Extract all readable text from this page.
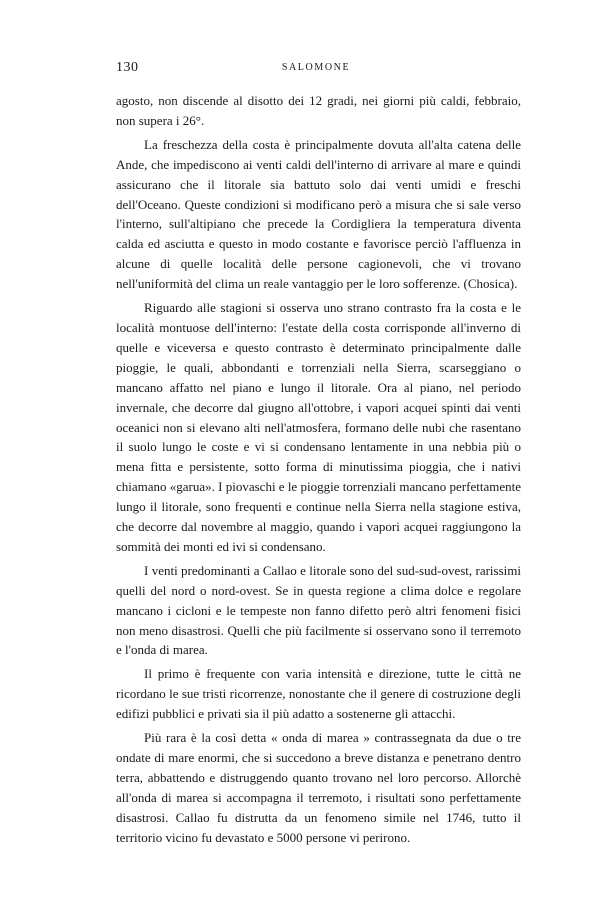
130	SALOMONE

agosto, non discende al disotto dei 12 gradi, nei giorni più caldi, febbraio, non supera i 26°.

La freschezza della costa è principalmente dovuta all'alta catena delle Ande, che impediscono ai venti caldi dell'interno di arrivare al mare e quindi assicurano che il litorale sia battuto solo dai venti umidi e freschi dell'Oceano. Queste condizioni si modificano però a misura che si sale verso l'interno, sull'altipiano che precede la Cordigliera la temperatura diventa calda ed asciutta e questo in modo costante e favorisce perciò l'affluenza in alcune di quelle località delle persone cagionevoli, che vi trovano nell'uniformità del clima un reale vantaggio per le loro sofferenze. (Chosica).

Riguardo alle stagioni si osserva uno strano contrasto fra la costa e le località montuose dell'interno: l'estate della costa corrisponde all'inverno di quelle e viceversa e questo contrasto è determinato principalmente dalle pioggie, le quali, abbondanti e torrenziali nella Sierra, scarseggiano o mancano affatto nel piano e lungo il litorale. Ora al piano, nel periodo invernale, che decorre dal giugno all'ottobre, i vapori acquei spinti dai venti oceanici non si elevano alti nell'atmosfera, formano delle nubi che rasentano il suolo lungo le coste e vi si condensano lentamente in una nebbia più o mena fitta e persistente, sotto forma di minutissima pioggia, che i nativi chiamano «garua». I piovaschi e le pioggie torrenziali mancano perfettamente lungo il litorale, sono frequenti e continue nella Sierra nella stagione estiva, che decorre dal novembre al maggio, quando i vapori acquei raggiungono la sommità dei monti ed ivi si condensano.

I venti predominanti a Callao e litorale sono del sud-sud-ovest, rarissimi quelli del nord o nord-ovest. Se in questa regione a clima dolce e regolare mancano i cicloni e le tempeste non fanno difetto però altri fenomeni fisici non meno disastrosi. Quelli che più facilmente si osservano sono il terremoto e l'onda di marea.

Il primo è frequente con varia intensità e direzione, tutte le città ne ricordano le sue tristi ricorrenze, nonostante che il genere di costruzione degli edifizi pubblici e privati sia il più adatto a sostenerne gli attacchi.

Più rara è la così detta « onda di marea » contrassegnata da due o tre ondate di mare enormi, che si succedono a breve distanza e penetrano dentro terra, abbattendo e distruggendo quanto trovano nel loro percorso. Allorchè all'onda di marea si accompagna il terremoto, i risultati sono perfettamente disastrosi. Callao fu distrutta da un fenomeno simile nel 1746, tutto il territorio vicino fu devastato e 5000 persone vi perirono.
